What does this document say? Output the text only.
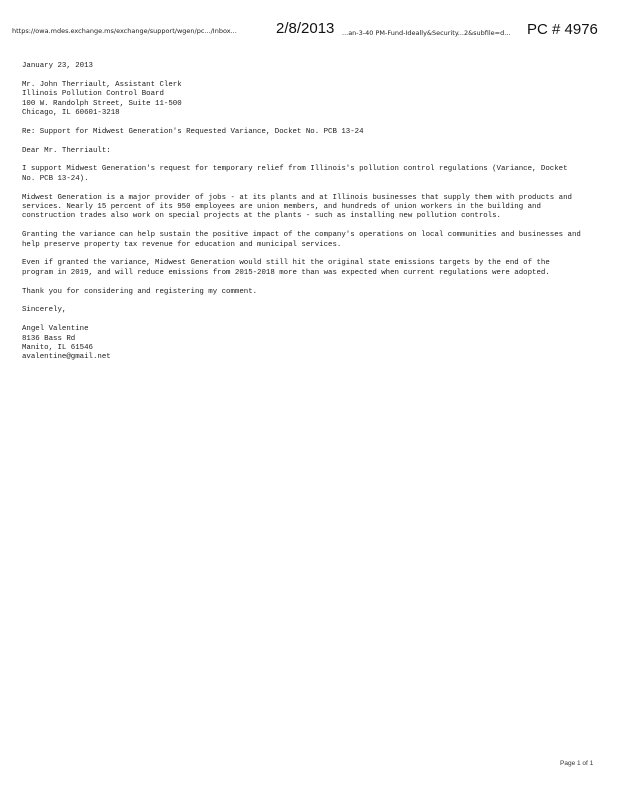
https://owa.mdes.exchange.ms/exchange/support/wgen/pc.../Inbox...	2/8/2013 ...an-3-40 PM-Fund-Ideally&Security...2&subfile=d... PC # 4976

January 23, 2013

Mr. John Therriault, Assistant Clerk
Illinois Pollution Control Board
100 W. Randolph Street, Suite 11-500
Chicago, IL 60601-3218

Re: Support for Midwest Generation's Requested Variance, Docket No. PCB 13-24

Dear Mr. Therriault:

I support Midwest Generation's request for temporary relief from Illinois's pollution control regulations (Variance, Docket No. PCB 13-24).

Midwest Generation is a major provider of jobs - at its plants and at Illinois businesses that supply them with products and services. Nearly 15 percent of its 950 employees are union members, and hundreds of union workers in the building and construction trades also work on special projects at the plants - such as installing new pollution controls.

Granting the variance can help sustain the positive impact of the company's operations on local communities and businesses and help preserve property tax revenue for education and municipal services.

Even if granted the variance, Midwest Generation would still hit the original state emissions targets by the end of the program in 2019, and will reduce emissions from 2015-2018 more than was expected when current regulations were adopted.

Thank you for considering and registering my comment.

Sincerely,

Angel Valentine
8136 Bass Rd
Manito, IL 61546
avalentine@gmail.net

Page 1 of 1
